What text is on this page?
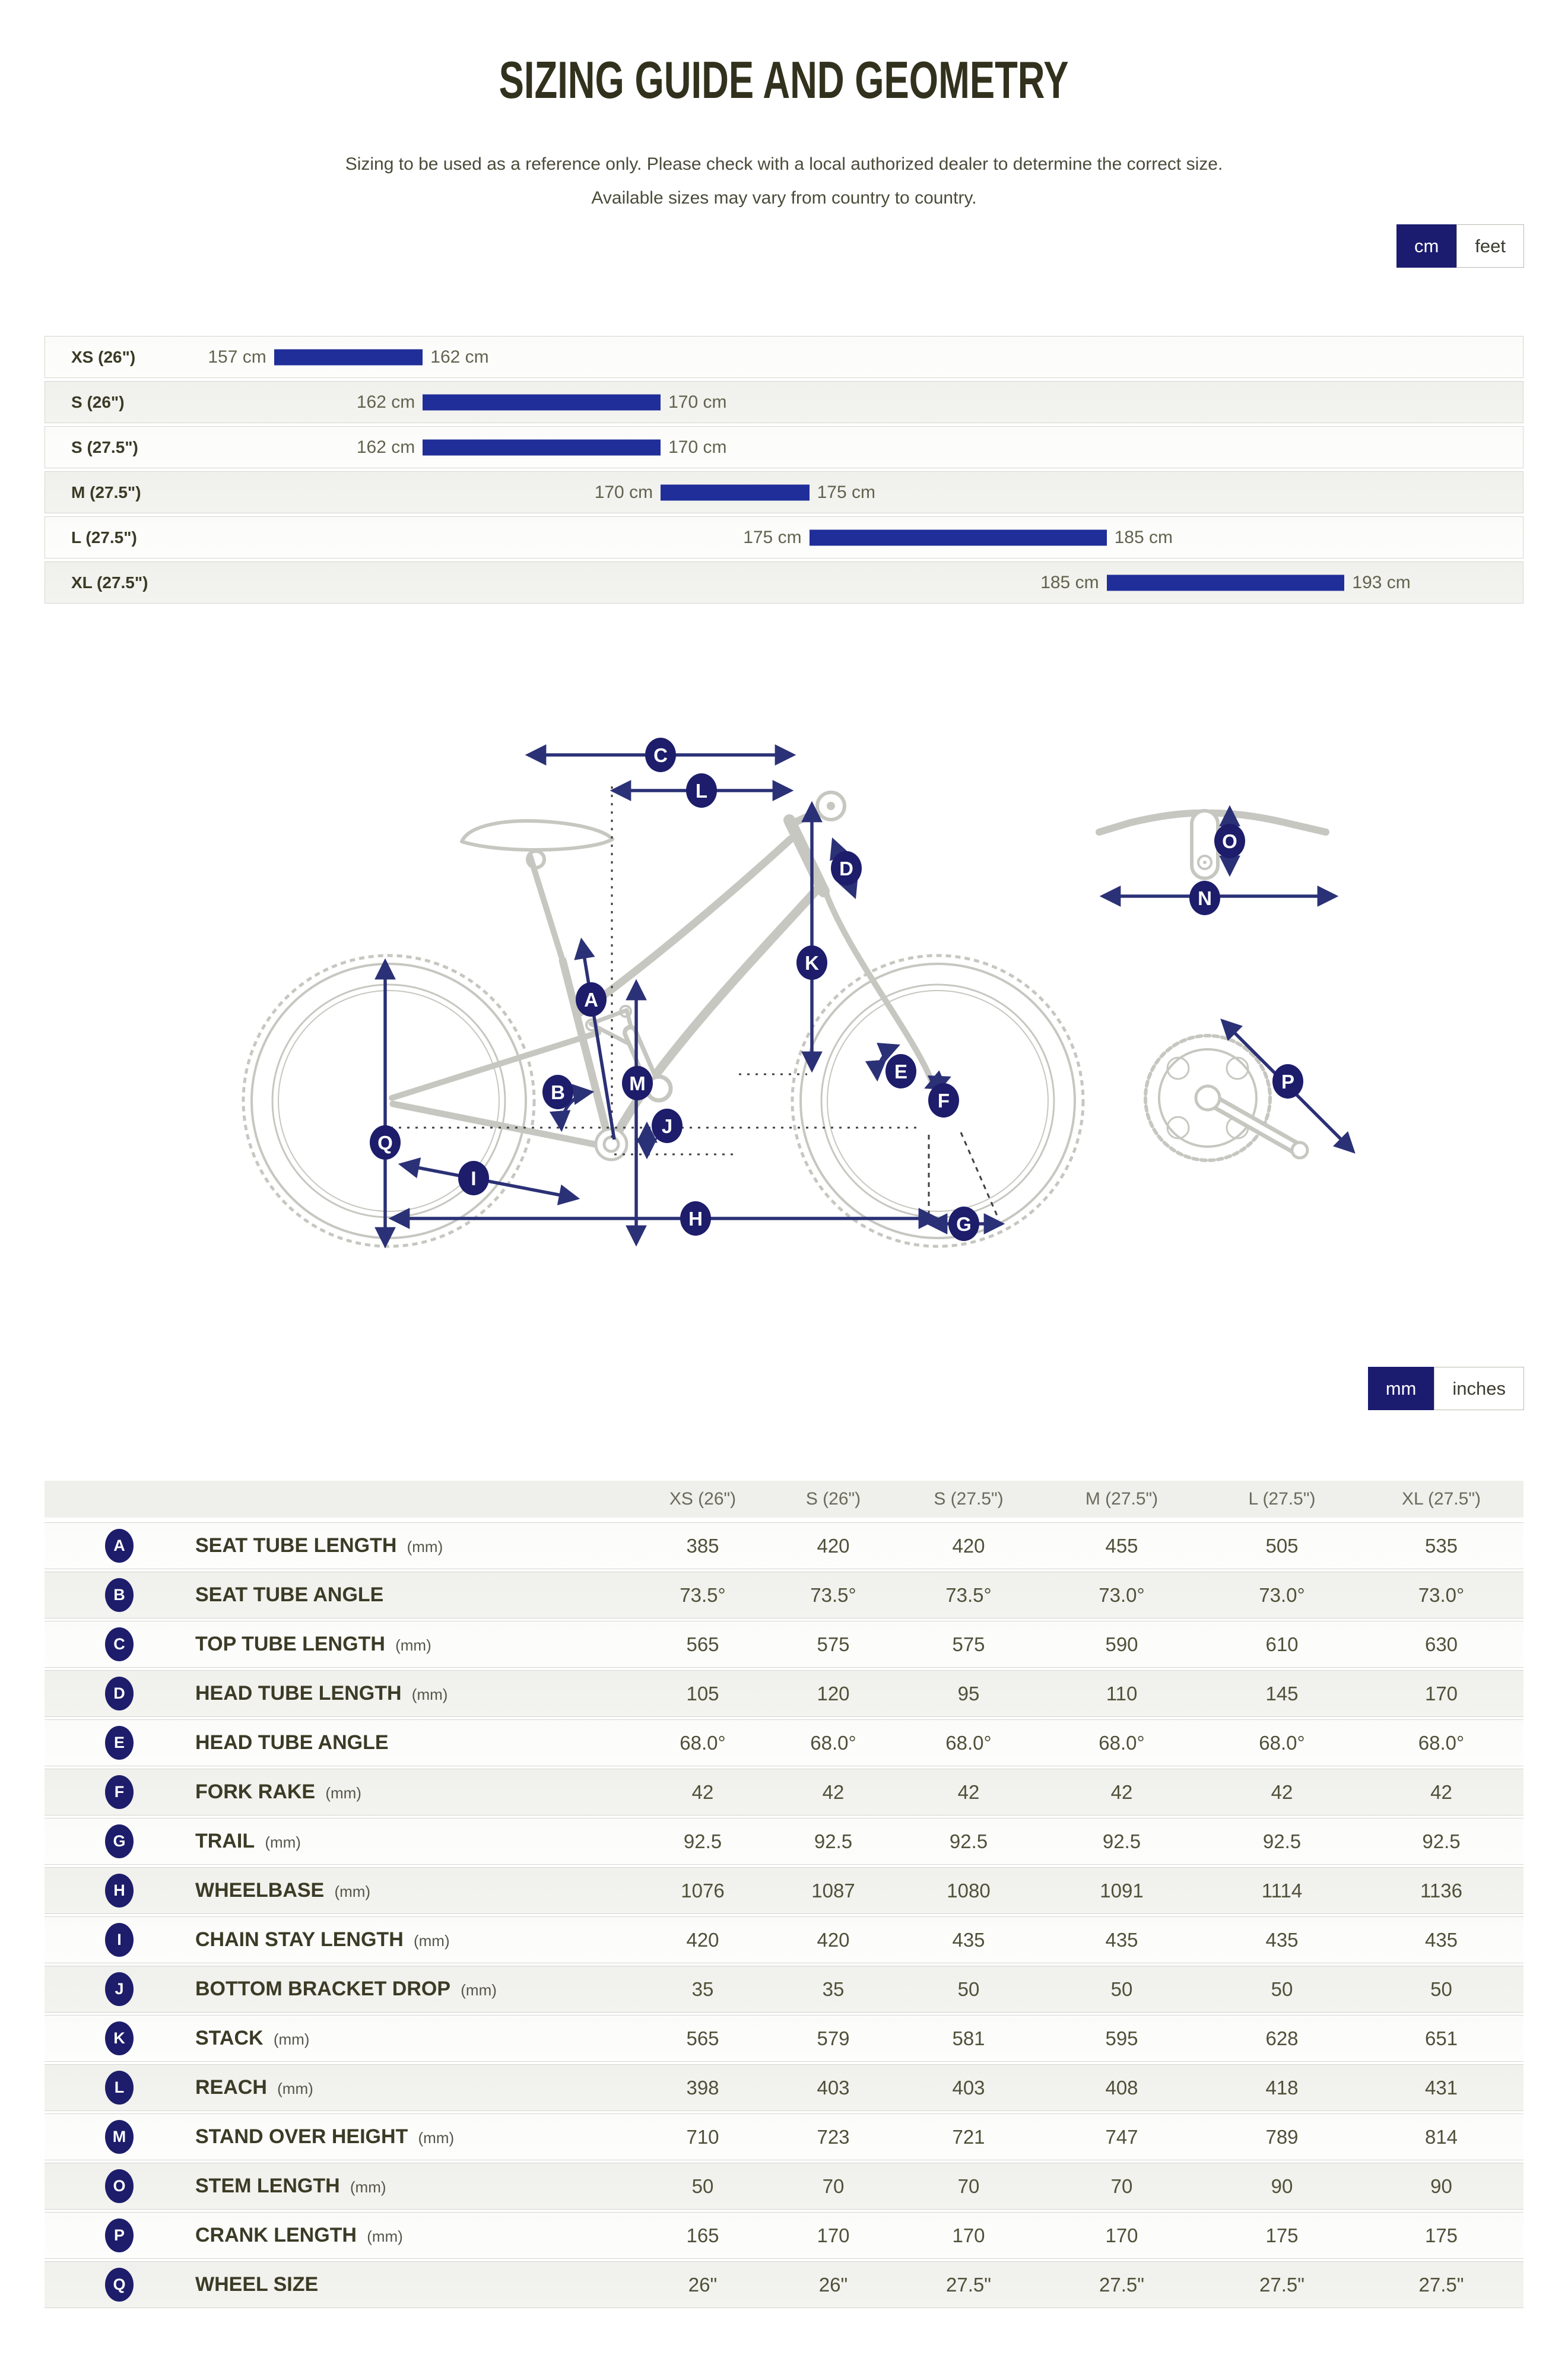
SIZING GUIDE AND GEOMETRY
Sizing to be used as a reference only. Please check with a local authorized dealer to determine the correct size.
Available sizes may vary from country to country.
cm	feet
XS (26")	157 cm	162 cm
S (26")	162 cm	170 cm
S (27.5")	162 cm	170 cm
M (27.5")	170 cm	175 cm
L (27.5")	175 cm	185 cm
XL (27.5")	185 cm	193 cm
A
B
C
D
E
F
G
H
I
J
K
L
M
N
O
P
Q
mm	inches
XS (26")	S (26")	S (27.5")	M (27.5")	L (27.5")	XL (27.5")
A	SEAT TUBE LENGTH (mm)	385	420	420	455	505	535
B	SEAT TUBE ANGLE	73.5°	73.5°	73.5°	73.0°	73.0°	73.0°
C	TOP TUBE LENGTH (mm)	565	575	575	590	610	630
D	HEAD TUBE LENGTH (mm)	105	120	95	110	145	170
E	HEAD TUBE ANGLE	68.0°	68.0°	68.0°	68.0°	68.0°	68.0°
F	FORK RAKE (mm)	42	42	42	42	42	42
G	TRAIL (mm)	92.5	92.5	92.5	92.5	92.5	92.5
H	WHEELBASE (mm)	1076	1087	1080	1091	1114	1136
I	CHAIN STAY LENGTH (mm)	420	420	435	435	435	435
J	BOTTOM BRACKET DROP (mm)	35	35	50	50	50	50
K	STACK (mm)	565	579	581	595	628	651
L	REACH (mm)	398	403	403	408	418	431
M	STAND OVER HEIGHT (mm)	710	723	721	747	789	814
O	STEM LENGTH (mm)	50	70	70	70	90	90
P	CRANK LENGTH (mm)	165	170	170	170	175	175
Q	WHEEL SIZE	26"	26"	27.5"	27.5"	27.5"	27.5"
